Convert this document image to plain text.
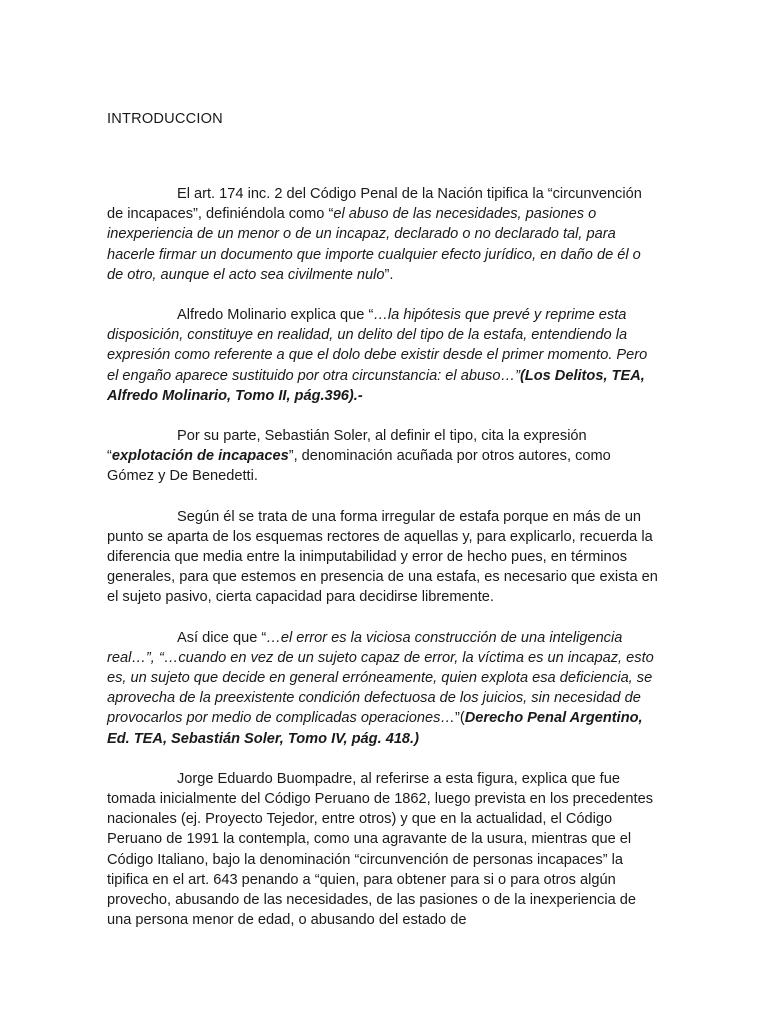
INTRODUCCION

El art. 174 inc. 2 del Código Penal de la Nación tipifica la “circunvención de incapaces”, definiéndola como “el abuso de las necesidades, pasiones o inexperiencia de un menor o de un incapaz, declarado o no declarado tal, para hacerle firmar un documento que importe cualquier efecto jurídico, en daño de él o de otro, aunque el acto sea civilmente nulo”.

Alfredo Molinario explica que “…la hipótesis que prevé y reprime esta disposición, constituye en realidad, un delito del tipo de la estafa, entendiendo la expresión como referente a que el dolo debe existir desde el primer momento. Pero el engaño aparece sustituido por otra circunstancia: el abuso…”(Los Delitos, TEA, Alfredo Molinario, Tomo II, pág.396).-

Por su parte, Sebastián Soler, al definir el tipo, cita la expresión “explotación de incapaces”, denominación acuñada por otros autores, como Gómez y De Benedetti.

Según él se trata de una forma irregular de estafa porque en más de un punto se aparta de los esquemas rectores de aquellas y, para explicarlo, recuerda la diferencia que media entre la inimputabilidad y error de hecho pues, en términos generales, para que estemos en presencia de una estafa, es necesario que exista en el sujeto pasivo, cierta capacidad para decidirse libremente.

Así dice que “…el error es la viciosa construcción de una inteligencia real…”, “…cuando en vez de un sujeto capaz de error, la víctima es un incapaz, esto es, un sujeto que decide en general erróneamente, quien explota esa deficiencia, se aprovecha de la preexistente condición defectuosa de los juicios, sin necesidad de provocarlos por medio de complicadas operaciones…”(Derecho Penal Argentino, Ed. TEA, Sebastián Soler, Tomo IV, pág. 418.)

Jorge Eduardo Buompadre, al referirse a esta figura, explica que fue tomada inicialmente del Código Peruano de 1862, luego prevista en los precedentes nacionales (ej. Proyecto Tejedor, entre otros) y que en la actualidad, el Código Peruano de 1991 la contempla, como una agravante de la usura, mientras que el Código Italiano, bajo la denominación “circunvención de personas incapaces” la tipifica en el art. 643 penando a “quien, para obtener para si o para otros algún provecho, abusando de las necesidades, de las pasiones o de la inexperiencia de una persona menor de edad, o abusando del estado de
